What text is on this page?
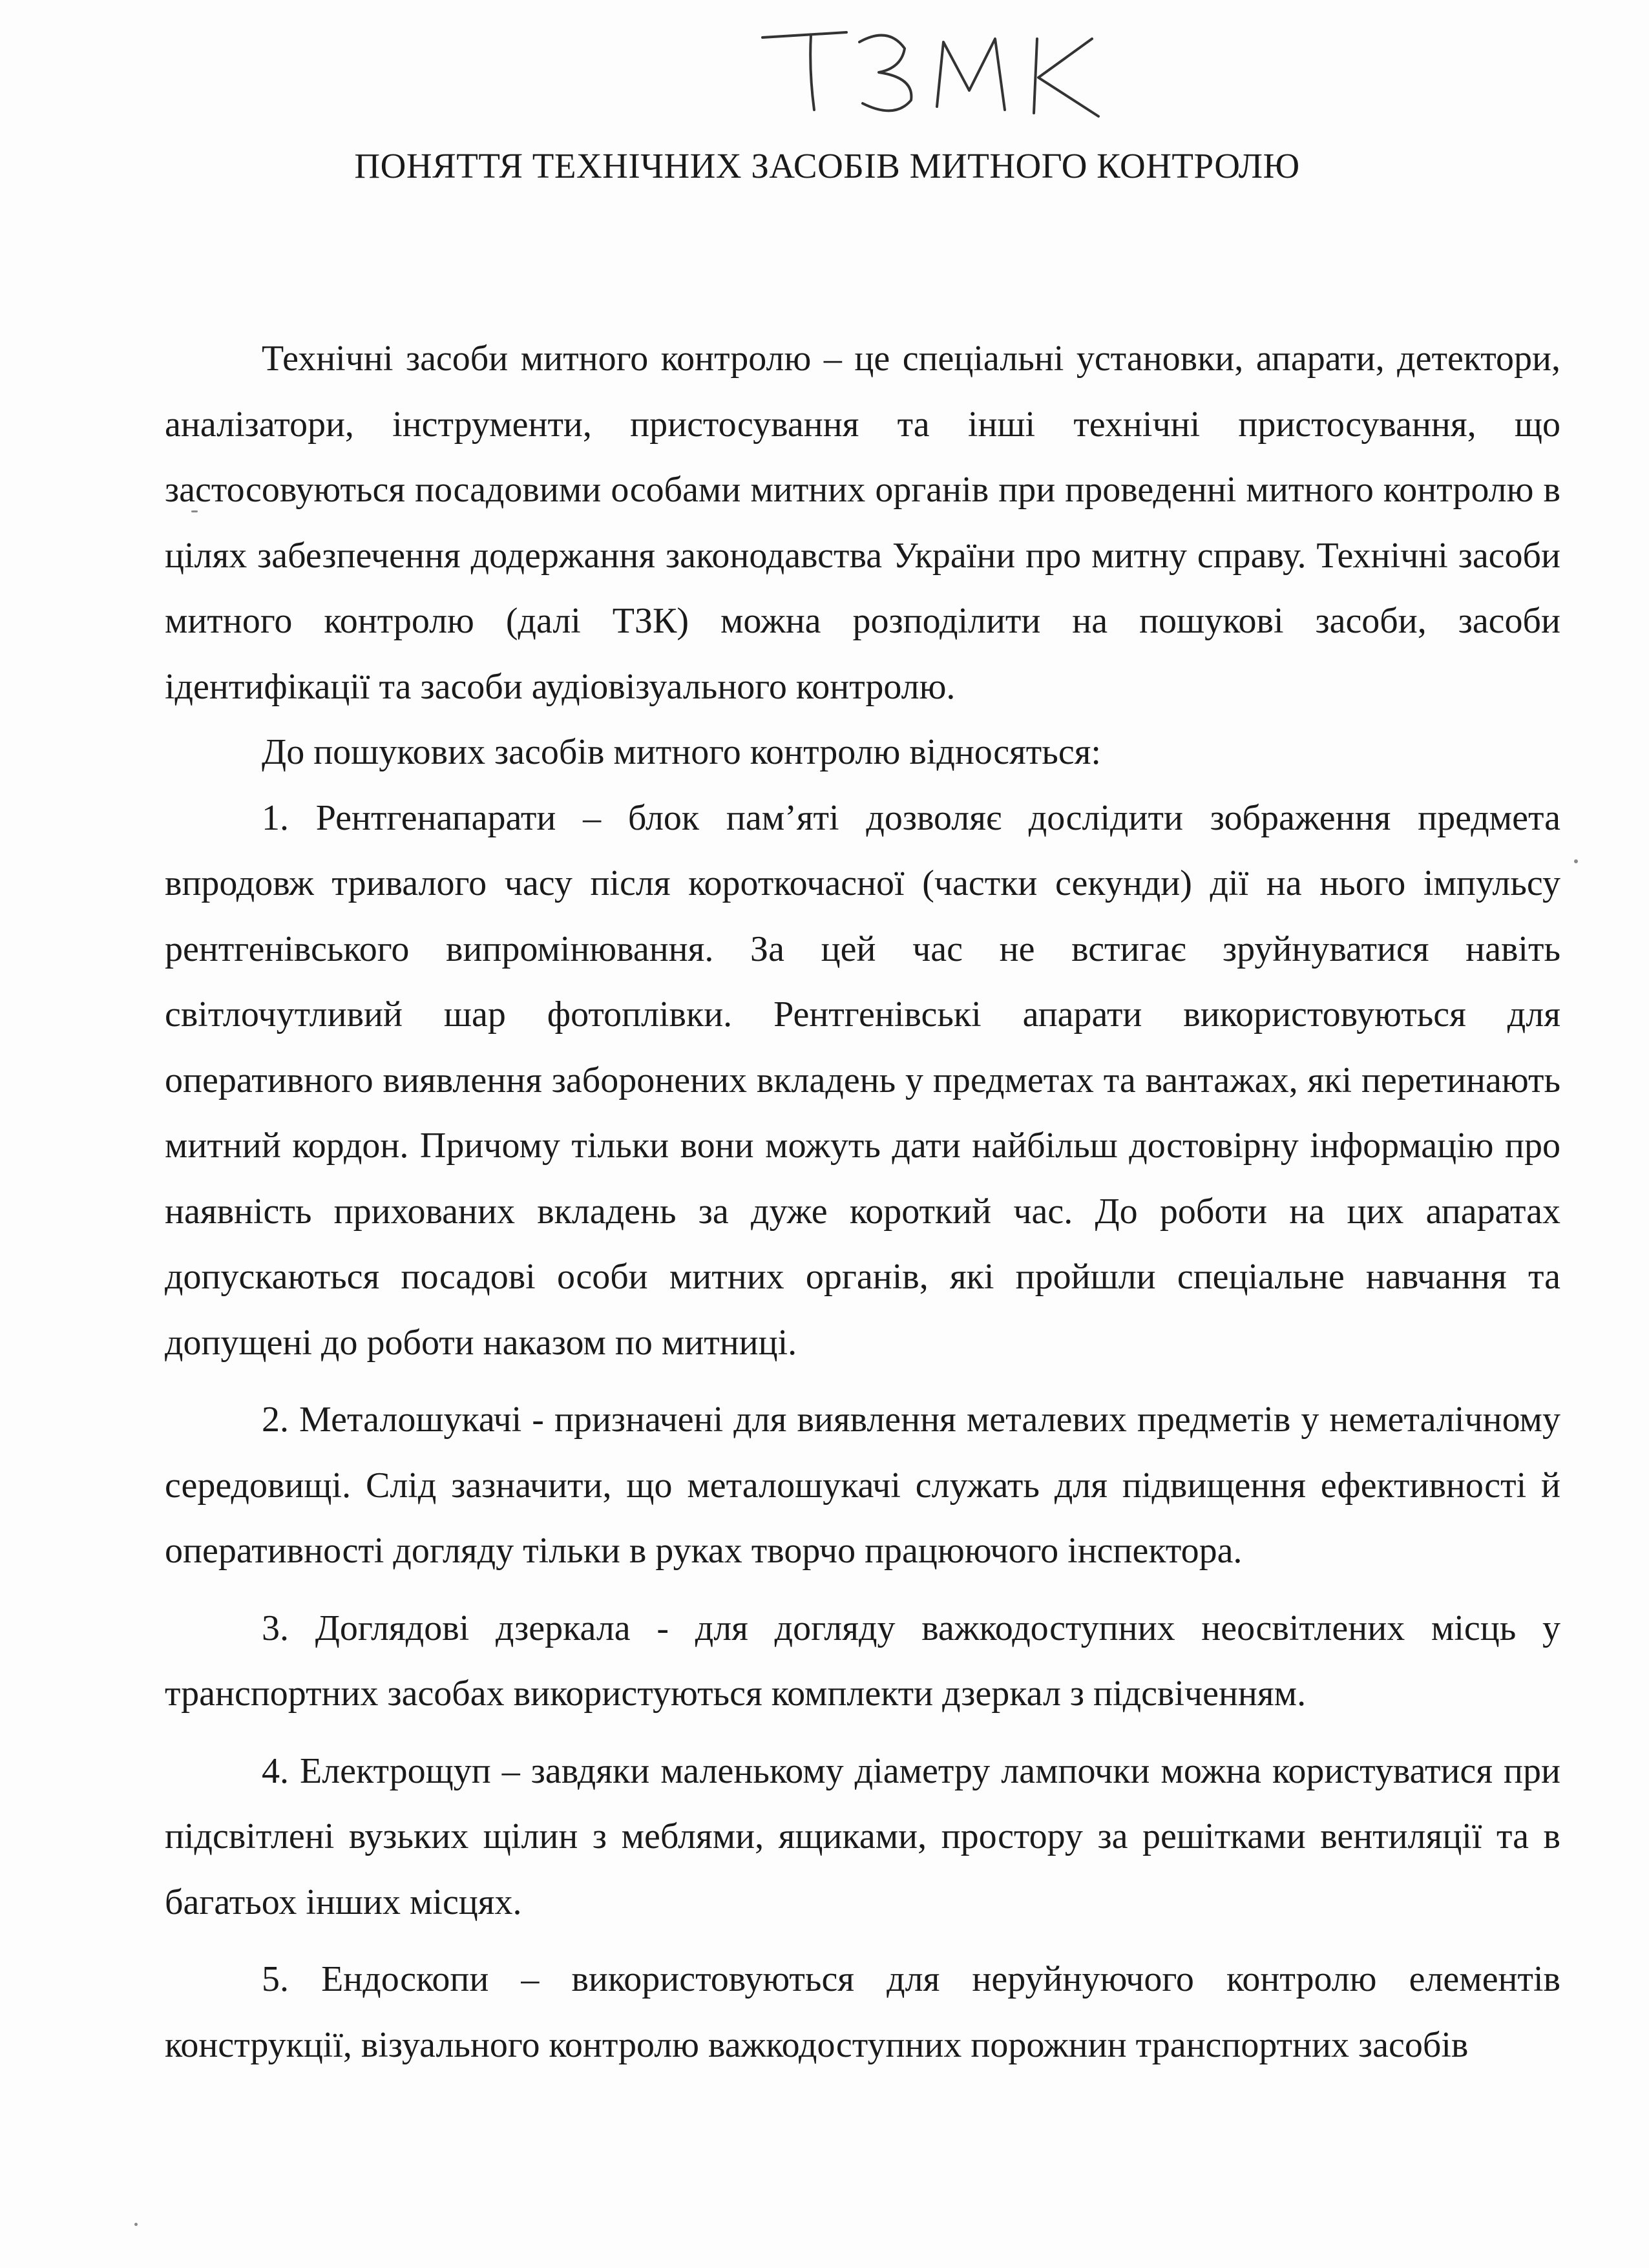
ПОНЯТТЯ ТЕХНІЧНИХ ЗАСОБІВ МИТНОГО КОНТРОЛЮ

Технічні засоби митного контролю – це спеціальні установки, апарати, детектори, аналізатори, інструменти, пристосування та інші технічні пристосування, що застосовуються посадовими особами митних органів при проведенні митного контролю в цілях забезпечення додержання законодавства України про митну справу. Технічні засоби митного контролю (далі ТЗК) можна розподілити на пошукові засоби, засоби ідентифікації та засоби аудіовізуального контролю.

До пошукових засобів митного контролю відносяться:

1. Рентгенапарати – блок пам’яті дозволяє дослідити зображення предмета впродовж тривалого часу після короткочасної (частки секунди) дії на нього імпульсу рентгенівського випромінювання. За цей час не встигає зруйнуватися навіть світлочутливий шар фотоплівки. Рентгенівські апарати використовуються для оперативного виявлення заборонених вкладень у предметах та вантажах, які перетинають митний кордон. Причому тільки вони можуть дати найбільш достовірну інформацію про наявність прихованих вкладень за дуже короткий час. До роботи на цих апаратах допускаються посадові особи митних органів, які пройшли спеціальне навчання та допущені до роботи наказом по митниці.

2. Металошукачі - призначені для виявлення металевих предметів у неметалічному середовищі. Слід зазначити, що металошукачі служать для підвищення ефективності й оперативності догляду тільки в руках творчо працюючого інспектора.

3. Доглядові дзеркала - для догляду важкодоступних неосвітлених місць у транспортних засобах використуються комплекти дзеркал з підсвіченням.

4. Електрощуп – завдяки маленькому діаметру лампочки можна користуватися при підсвітлені вузьких щілин з меблями, ящиками, простору за решітками вентиляції та в багатьох інших місцях.

5. Ендоскопи – використовуються для неруйнуючого контролю елементів конструкції, візуального контролю важкодоступних порожнин транспортних засобів
